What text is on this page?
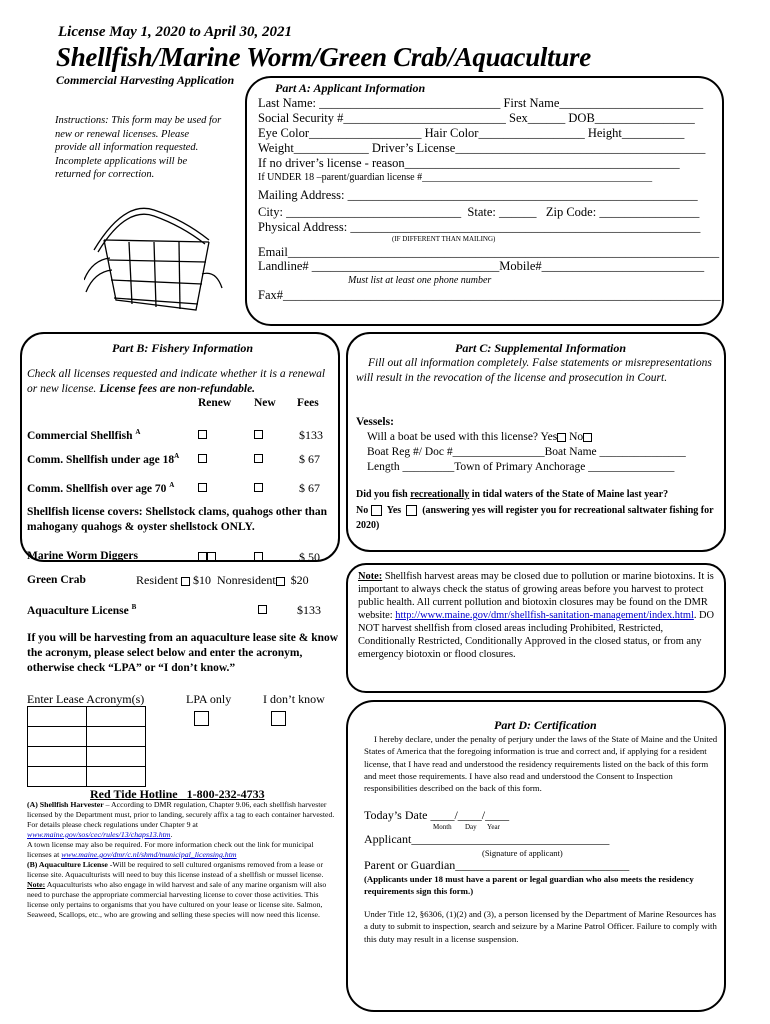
License May 1, 2020 to April 30, 2021
Shellfish/Marine Worm/Green Crab/Aquaculture
Commercial Harvesting Application
Instructions: This form may be used for new or renewal licenses. Please provide all information requested. Incomplete applications will be returned for correction.
Part A: Applicant Information
Last Name: _____________________________ First Name_______________________
Social Security #__________________________ Sex______ DOB________________
Eye Color__________________ Hair Color_________________ Height__________
Weight____________ Driver’s License________________________________________
If no driver’s license - reason____________________________________________
If UNDER 18 –parent/guardian license #______________________________________________
Mailing Address: ________________________________________________________
City: ____________________________  State: ______   Zip Code: ________________
Physical Address: ________________________________________________________
(IF DIFFERENT THAN MAILING)
Email_____________________________________________________________________
Landline# ______________________________Mobile#__________________________
Must list at least one phone number
Fax#______________________________________________________________________
Part B: Fishery Information
Check all licenses requested and indicate whether it is a renewal or new license. License fees are non-refundable.
Renew New Fees
Commercial Shellfish $^A$	$133
Comm. Shellfish under age $18^A$	$ 67
Comm. Shellfish over age 70 $^A$	$ 67
Shellfish license covers: Shellstock clams, quahogs other than mahogany quahogs & oyster shellstock ONLY.
Marine Worm Diggers	$ 50
Green Crab	Resident $10 Nonresident $20
Aquaculture License $^B$	$133
If you will be harvesting from an aquaculture lease site & know the acronym, please select below and enter the acronym, otherwise check “LPA” or “I don’t know.”
Enter Lease Acronym(s)	LPA only	I don’t know

Red Tide Hotline 1-800-232-4733
(A) Shellfish Harvester – According to DMR regulation, Chapter 9.06, each shellfish harvester licensed by the Department must, prior to landing, securely affix a tag to each container harvested. For details please check regulations under Chapter 9 at www.maine.gov/sos/cec/rules/13/chaps13.htm.
A town license may also be required. For more information check out the link for municipal licenses at www.maine.gov/dmr/c.nl/shmd/municipal_licensing.htm
(B) Aquaculture License -Will be required to sell cultured organisms removed from a lease or license site. Aquaculturists will need to buy this license instead of a shellfish or mussel license. Note: Aquaculturists who also engage in wild harvest and sale of any marine organism will also need to purchase the appropriate commercial harvesting license to cover those activities. This license only pertains to organisms that you have cultured on your lease or license site. Salmon, Seaweed, Scallops, etc., who are growing and selling these species will now need this license.
Part C: Supplemental Information
Fill out all information completely. False statements or misrepresentations will result in the revocation of the license and prosecution in Court.
Vessels:
Will a boat be used with this license? Yes No
Boat Reg #/ Doc #________________Boat Name _______________
Length _________Town of Primary Anchorage _______________
Did you fish recreationally in tidal waters of the State of Maine last year?
No Yes (answering yes will register you for recreational saltwater fishing for 2020)
Note: Shellfish harvest areas may be closed due to pollution or marine biotoxins. It is important to always check the status of growing areas before you harvest to protect public health. All current pollution and biotoxin closures may be found on the DMR website: http://www.maine.gov/dmr/shellfish-sanitation-management/index.html. DO NOT harvest shellfish from closed areas including Prohibited, Restricted, Conditionally Restricted, Conditionally Approved in the closed status, or from any emergency biotoxin or flood closures.
Part D: Certification
I hereby declare, under the penalty of perjury under the laws of the State of Maine and the United States of America that the foregoing information is true and correct and, if applying for a resident license, that I have read and understood the residency requirements listed on the back of this form and meet those requirements. I have also read and understood the Consent to Inspection responsibilities described on the back of this form.
Today’s Date ____/____/____
Month Day Year
Applicant_________________________________
(Signature of applicant)
Parent or Guardian_____________________________
(Applicants under 18 must have a parent or legal guardian who also meets the residency requirements sign this form.)
Under Title 12, §6306, (1)(2) and (3), a person licensed by the Department of Marine Resources has a duty to submit to inspection, search and seizure by a Marine Patrol Officer. Failure to comply with this duty may result in a license suspension.
